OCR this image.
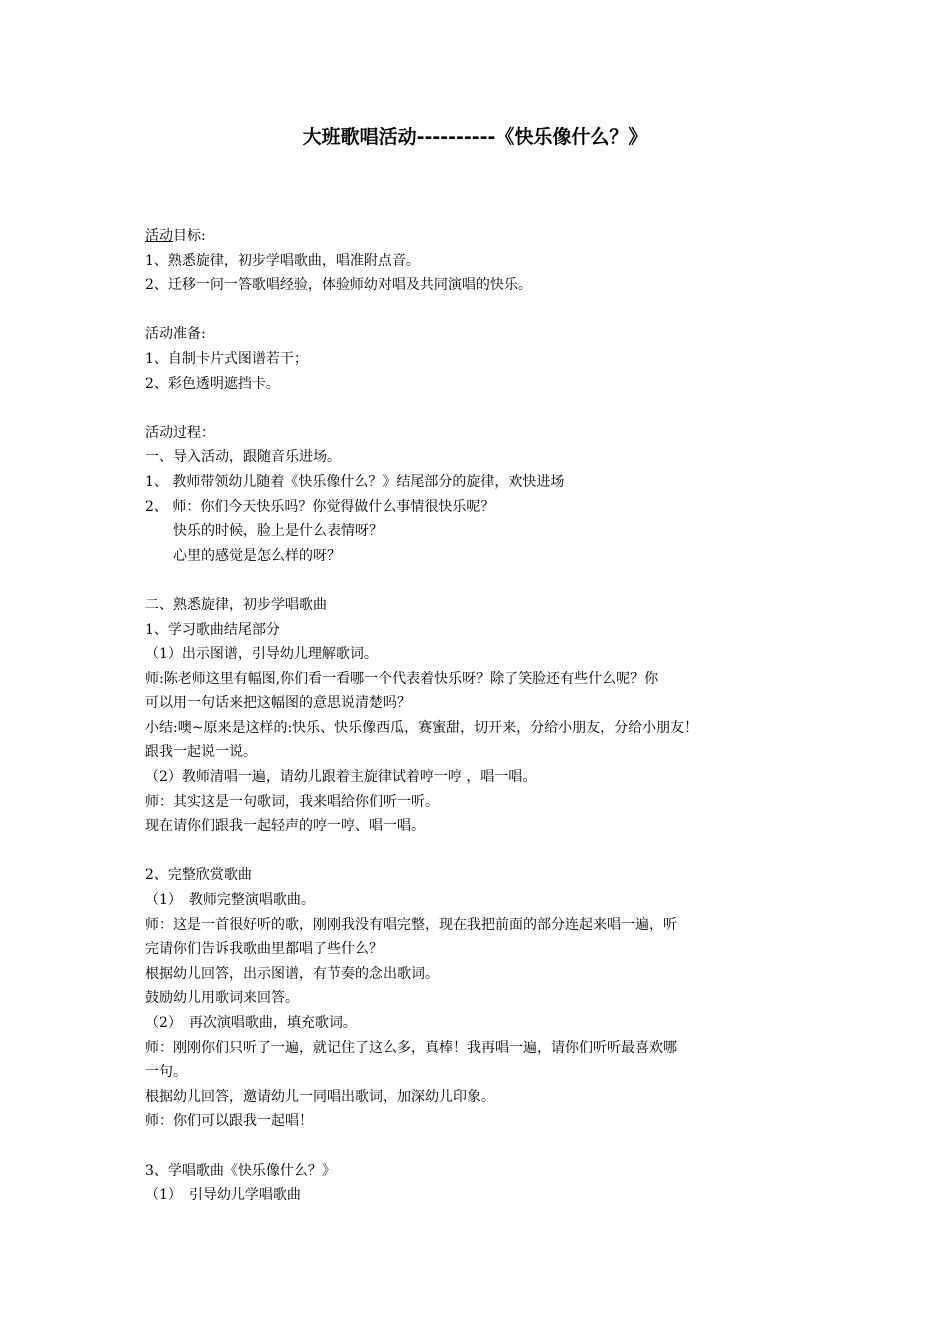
大班歌唱活动----------《快乐像什么？》
活动目标:
1、熟悉旋律，初步学唱歌曲，唱准附点音。
2、迁移一问一答歌唱经验，体验师幼对唱及共同演唱的快乐。
活动准备:
1、自制卡片式图谱若干；
2、彩色透明遮挡卡。
活动过程：
一、导入活动，跟随音乐进场。
1、 教师带领幼儿随着《快乐像什么？》结尾部分的旋律，欢快进场
2、 师：你们今天快乐吗？你觉得做什么事情很快乐呢？
快乐的时候，脸上是什么表情呀？
心里的感觉是怎么样的呀？
二、熟悉旋律，初步学唱歌曲
1、学习歌曲结尾部分
（1）出示图谱，引导幼儿理解歌词。
师:陈老师这里有幅图,你们看一看哪一个代表着快乐呀？除了笑脸还有些什么呢？你
可以用一句话来把这幅图的意思说清楚吗？
小结:噢~原来是这样的:快乐、快乐像西瓜，赛蜜甜，切开来，分给小朋友，分给小朋友！
跟我一起说一说。
（2）教师清唱一遍，请幼儿跟着主旋律试着哼一哼 ，唱一唱。
师：其实这是一句歌词，我来唱给你们听一听。
现在请你们跟我一起轻声的哼一哼、唱一唱。
2、完整欣赏歌曲
（1）　教师完整演唱歌曲。
师：这是一首很好听的歌，刚刚我没有唱完整，现在我把前面的部分连起来唱一遍，听
完请你们告诉我歌曲里都唱了些什么？
根据幼儿回答，出示图谱，有节奏的念出歌词。
鼓励幼儿用歌词来回答。
（2）　再次演唱歌曲，填充歌词。
师：刚刚你们只听了一遍，就记住了这么多，真棒！我再唱一遍，请你们听听最喜欢哪
一句。
根据幼儿回答，邀请幼儿一同唱出歌词，加深幼儿印象。
师：你们可以跟我一起唱！
3、学唱歌曲《快乐像什么？》
（1）　引导幼儿学唱歌曲
